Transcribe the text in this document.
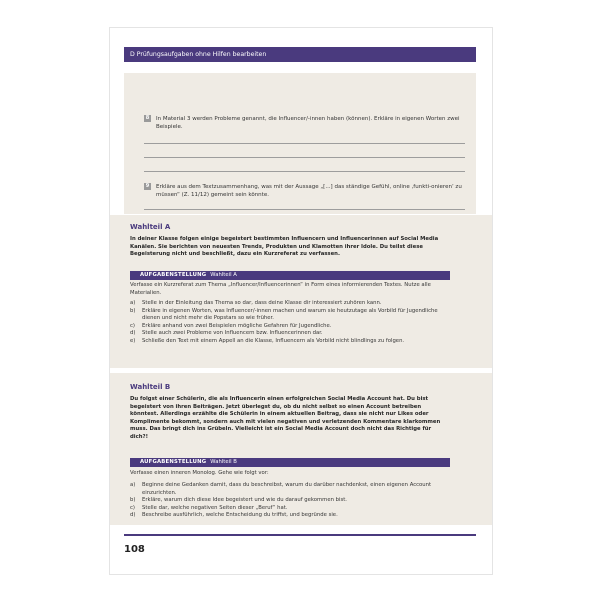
D Prüfungsaufgaben ohne Hilfen bearbeiten
8 In Material 3 werden Probleme genannt, die Influencer/-innen haben (können). Erkläre in eigenen Worten zwei Beispiele.
9 Erkläre aus dem Textzusammenhang, was mit der Aussage „[...] das ständige Gefühl, online ‚funkti-onieren‘ zu müssen“ (Z. 11/12) gemeint sein könnte.
Wahlteil A
In deiner Klasse folgen einige begeistert bestimmten Influencern und Influencerinnen auf Social Media Kanälen. Sie berichten von neuesten Trends, Produkten und Klamotten ihrer Idole. Du teilst diese Begeisterung nicht und beschließt, dazu ein Kurzreferat zu verfassen.
AUFGABENSTELLUNG Wahlteil A
Verfasse ein Kurzreferat zum Thema „Influencer/Influencerinnen“ in Form eines informierenden Textes. Nutze alle Materialien.
a)	Stelle in der Einleitung das Thema so dar, dass deine Klasse dir interessiert zuhören kann.
b)	Erkläre in eigenen Worten, was Influencer/-innen machen und warum sie heutzutage als Vorbild für Jugendliche dienen und nicht mehr die Popstars so wie früher.
c)	Erkläre anhand von zwei Beispielen mögliche Gefahren für Jugendliche.
d)	Stelle auch zwei Probleme von Influencern bzw. Influencerinnen dar.
e)	Schließe den Text mit einem Appell an die Klasse, Influencern als Vorbild nicht blindlings zu folgen.
Wahlteil B
Du folgst einer Schülerin, die als Influencerin einen erfolgreichen Social Media Account hat. Du bist begeistert von ihren Beiträgen. Jetzt überlegst du, ob du nicht selbst so einen Account betreiben könntest. Allerdings erzählte die Schülerin in einem aktuellen Beitrag, dass sie nicht nur Likes oder Komplimente bekommt, sondern auch mit vielen negativen und verletzenden Kommentare klarkommen muss. Das bringt dich ins Grübeln. Vielleicht ist ein Social Media Account doch nicht das Richtige für dich?!
AUFGABENSTELLUNG Wahlteil B
Verfasse einen inneren Monolog. Gehe wie folgt vor:
a)	Beginne deine Gedanken damit, dass du beschreibst, warum du darüber nachdenkst, einen eigenen Account einzurichten.
b)	Erkläre, warum dich diese Idee begeistert und wie du darauf gekommen bist.
c)	Stelle dar, welche negativen Seiten dieser „Beruf“ hat.
d)	Beschreibe ausführlich, welche Entscheidung du triffst, und begründe sie.
108
